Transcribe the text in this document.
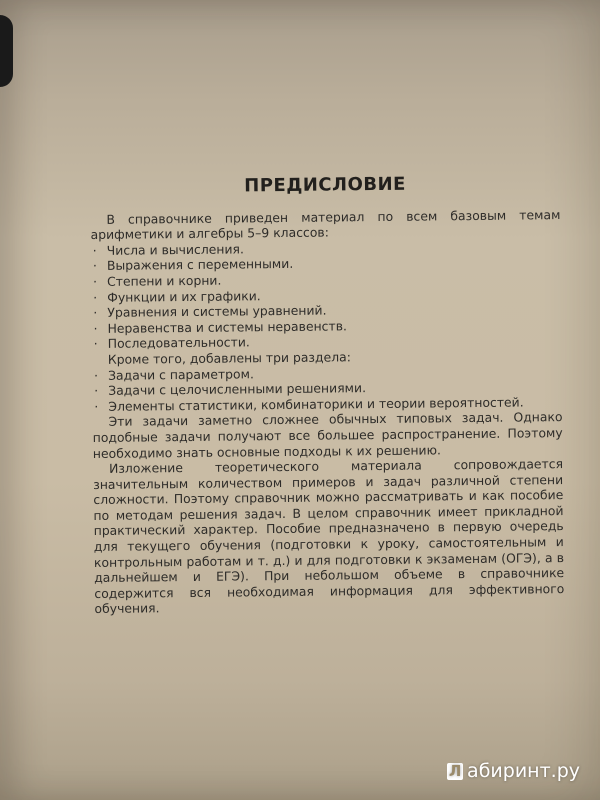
ПРЕДИСЛОВИЕ

В справочнике приведен материал по всем базовым темам арифметики и алгебры 5–9 классов:

· Числа и вычисления.
· Выражения с переменными.
· Степени и корни.
· Функции и их графики.
· Уравнения и системы уравнений.
· Неравенства и системы неравенств.
· Последовательности.

Кроме того, добавлены три раздела:

· Задачи с параметром.
· Задачи с целочисленными решениями.
· Элементы статистики, комбинаторики и теории вероятностей.

Эти задачи заметно сложнее обычных типовых задач. Однако подобные задачи получают все большее распространение. Поэтому необходимо знать основные подходы к их решению.

Изложение теоретического материала сопровождается значительным количеством примеров и задач различной степени сложности. Поэтому справочник можно рассматривать и как пособие по методам решения задач. В целом справочник имеет прикладной практический характер. Пособие предназначено в первую очередь для текущего обучения (подготовки к уроку, самостоятельным и контрольным работам и т. д.) и для подготовки к экзаменам (ОГЭ), а в дальнейшем и ЕГЭ). При небольшом объеме в справочнике содержится вся необходимая информация для эффективного обучения.

Л абиринт.ру
